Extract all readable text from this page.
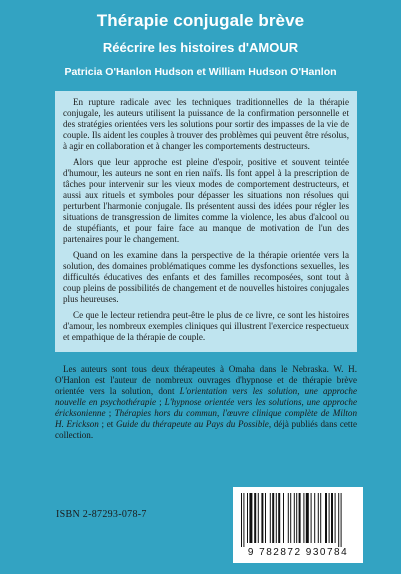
Thérapie conjugale brève
Réécrire les histoires d'AMOUR
Patricia O'Hanlon Hudson et William Hudson O'Hanlon

En rupture radicale avec les techniques traditionnelles de la thérapie conjugale, les auteurs utilisent la puissance de la confirmation personnelle et des stratégies orientées vers les solutions pour sortir des impasses de la vie de couple. Ils aident les couples à trouver des problèmes qui peuvent être résolus, à agir en collaboration et à changer les comportements destructeurs.

Alors que leur approche est pleine d'espoir, positive et souvent teintée d'humour, les auteurs ne sont en rien naïfs. Ils font appel à la prescription de tâches pour intervenir sur les vieux modes de comportement destructeurs, et aussi aux rituels et symboles pour dépasser les situations non résolues qui perturbent l'harmonie conjugale. Ils présentent aussi des idées pour régler les situations de transgression de limites comme la violence, les abus d'alcool ou de stupéfiants, et pour faire face au manque de motivation de l'un des partenaires pour le changement.

Quand on les examine dans la perspective de la thérapie orientée vers la solution, des domaines problématiques comme les dysfonctions sexuelles, les difficultés éducatives des enfants et des familles recomposées, sont tout à coup pleins de possibilités de changement et de nouvelles histoires conjugales plus heureuses.

Ce que le lecteur retiendra peut-être le plus de ce livre, ce sont les histoires d'amour, les nombreux exemples cliniques qui illustrent l'exercice respectueux et empathique de la thérapie de couple.

Les auteurs sont tous deux thérapeutes à Omaha dans le Nebraska. W. H. O'Hanlon est l'auteur de nombreux ouvrages d'hypnose et de thérapie brève orientée vers la solution, dont L'orientation vers les solution, une approche nouvelle en psychothérapie ; L'hypnose orientée vers les solutions, une approche éricksonienne ; Thérapies hors du commun, l'œuvre clinique complète de Milton H. Erickson ; et Guide du thérapeute au Pays du Possible, déjà publiés dans cette collection.

ISBN 2-87293-078-7
9 782872 930784
